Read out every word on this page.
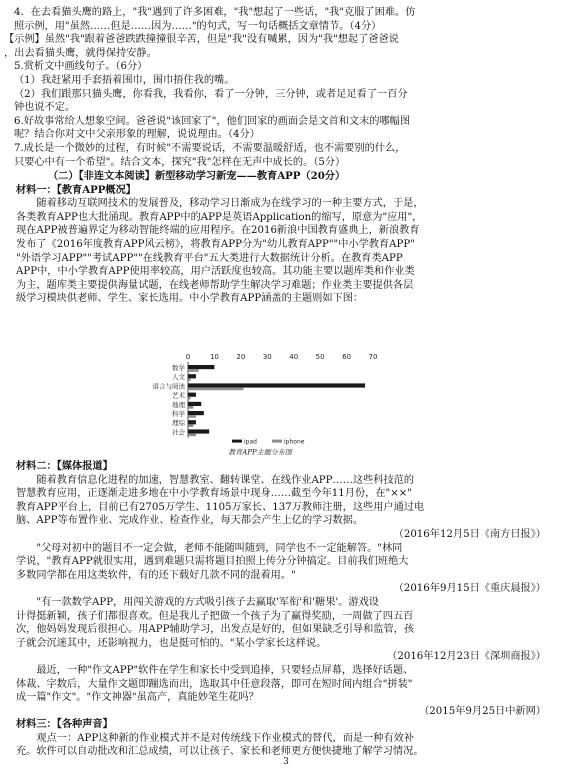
4．在去看猫头鹰的路上，"我"遇到了许多困难，"我"想起了一些话，"我"克服了困难。仿

照示例，用"虽然……但是……因为……"的句式，写一句话概括文章情节。（4分）

【示例】虽然"我"跟着爸爸跌跌撞撞很辛苦，但是"我"没有喊累，因为"我"想起了爸爸说

，出去看猫头鹰，就得保持安静。

5.赏析文中画线句子。（6分）

（1）我赶紧用手套捂着围巾，围巾捂住我的嘴。

（2）我们跟那只猫头鹰，你看我，我看你，看了一分钟，三分钟，或者足足看了一百分

钟也说不定。

6.好故事常给人想象空间。爸爸说"该回家了"，他们回家的画面会是文首和文末的哪幅图

呢？结合你对文中父亲形象的理解，说说理由。（4分）

7.成长是一个微妙的过程，有时候"不需要说话，不需要温暖舒适，也不需要别的什么，

只要心中有一个希望"。结合文本，探究"我"怎样在无声中成长的。（5分）

（二）【非连文本阅读】新型移动学习新宠——教育APP（20分）

材料一：【教育APP概况】

随着移动互联网技术的发展普及，移动学习日渐成为在线学习的一种主要方式，于是，

各类教育APP也大批涌现。教育APP中的APP是英语Application的缩写，原意为"应用"，

现在APP被普遍界定为移动智能终端的应用程序。在2016新浪中国教育盛典上，新浪教育

发布了《2016年度教育APP风云榜》，将教育APP分为"幼儿教育APP""中小学教育APP"

"外语学习APP""考试APP""在线教育平台"五大类进行大数据统计分析。在教育类APP

APP中，中小学教育APP使用率较高，用户活跃度也较高。其功能主要以题库类和作业类

为主，题库类主要提供海量试题，在线老师帮助学生解决学习难题；作业类主要提供各层

级学习模块供老师、学生、家长选用。中小学教育APP涵盖的主题则如下图：

0	10	20	30	40	50	60	70
数学
人文
语言与阅读
艺术
地理
科学
理综
社会
ipad	iphone
教育APP主题分布图

材料二：【媒体报道】

随着教育信息化进程的加速，智慧教室、翻转课堂、在线作业APP……这些科技范的

智慧教育应用，正逐渐走进多地在中小学教育场景中现身……截至今年11月份，在"××"

教育APP平台上，目前已有2705万学生、1105万家长、137万教师注册，这些用户通过电

脑、APP等布置作业、完成作业、检查作业，每天都会产生上亿的学习数据。

（2016年12月5日《南方日报》）

"父母对初中的题目不一定会做，老师不能随叫随到，同学也不一定能解答。"林同

学说，"教育APP就很实用，遇到难题只需将题目拍照上传分分钟搞定。目前我们班绝大

多数同学都在用这类软件，有的还下载好几款不同的混着用。"

（2016年9月15日《重庆晨报》）

"有一款数学APP，用闯关游戏的方式吸引孩子去赢取'军衔'和'糖果'。游戏设

计得挺新颖，孩子们都很喜欢。但是我儿子把做一个孩子为了赢得奖励，一周做了四五百

次，他妈妈发现后很担心。用APP辅助学习，出发点是好的，但如果缺乏引导和监管，孩

子就会沉迷其中，还影响视力，也是挺可怕的。"某小学家长这样说。

（2016年12月23日《深圳商报》）

最近，一种"作文APP"软件在学生和家长中受到追捧，只要轻点屏幕，选择好话题、

体裁、字数后，大量作文题即蹦选而出，选取其中任意段落，即可在短时间内组合"拼装"

成一篇"作文"。"作文神器"虽高产，真能妙笔生花吗？

（2015年9月25日中新网）

材料三：【各种声音】

观点一：APP这种新的作业模式并不是对传统线下作业模式的替代，而是一种有效补

充。软件可以自动批改和汇总成绩，可以让孩子、家长和老师更方便快捷地了解学习情况。

3
